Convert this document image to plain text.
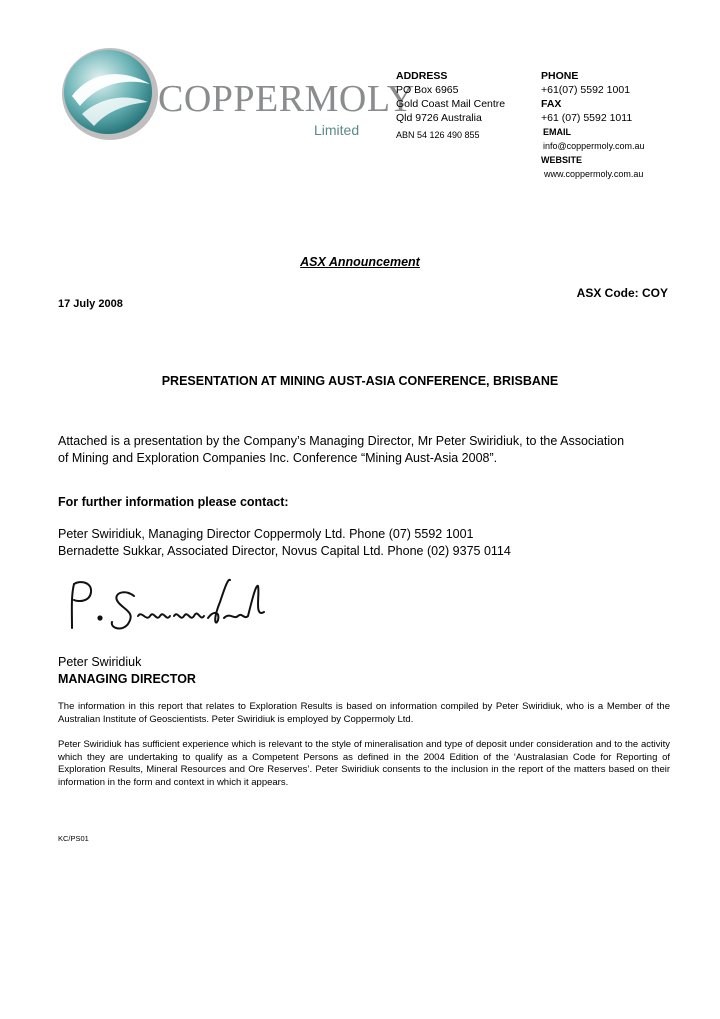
COPPERMOLY
Limited
ADDRESS
PO Box 6965
Gold Coast Mail Centre
Qld 9726 Australia
ABN 54 126 490 855
PHONE
+61(07) 5592 1001
FAX
+61 (07) 5592 1011
EMAIL
info@coppermoly.com.au
WEBSITE
www.coppermoly.com.au
ASX Announcement
ASX Code: COY
17 July 2008
PRESENTATION AT MINING AUST-ASIA CONFERENCE, BRISBANE
Attached is a presentation by the Company’s Managing Director, Mr Peter Swiridiuk, to the Association
of Mining and Exploration Companies Inc. Conference “Mining Aust-Asia 2008”.
For further information please contact:
Peter Swiridiuk, Managing Director Coppermoly Ltd. Phone (07) 5592 1001
Bernadette Sukkar, Associated Director, Novus Capital Ltd. Phone (02) 9375 0114
Peter Swiridiuk
MANAGING DIRECTOR
The information in this report that relates to Exploration Results is based on information compiled by Peter Swiridiuk, who is a Member of the Australian Institute of Geoscientists. Peter Swiridiuk is employed by Coppermoly Ltd.
Peter Swiridiuk has sufficient experience which is relevant to the style of mineralisation and type of deposit under consideration and to the activity which they are undertaking to qualify as a Competent Persons as defined in the 2004 Edition of the ‘Australasian Code for Reporting of Exploration Results, Mineral Resources and Ore Reserves’. Peter Swiridiuk consents to the inclusion in the report of the matters based on their information in the form and context in which it appears.
KC/PS01
